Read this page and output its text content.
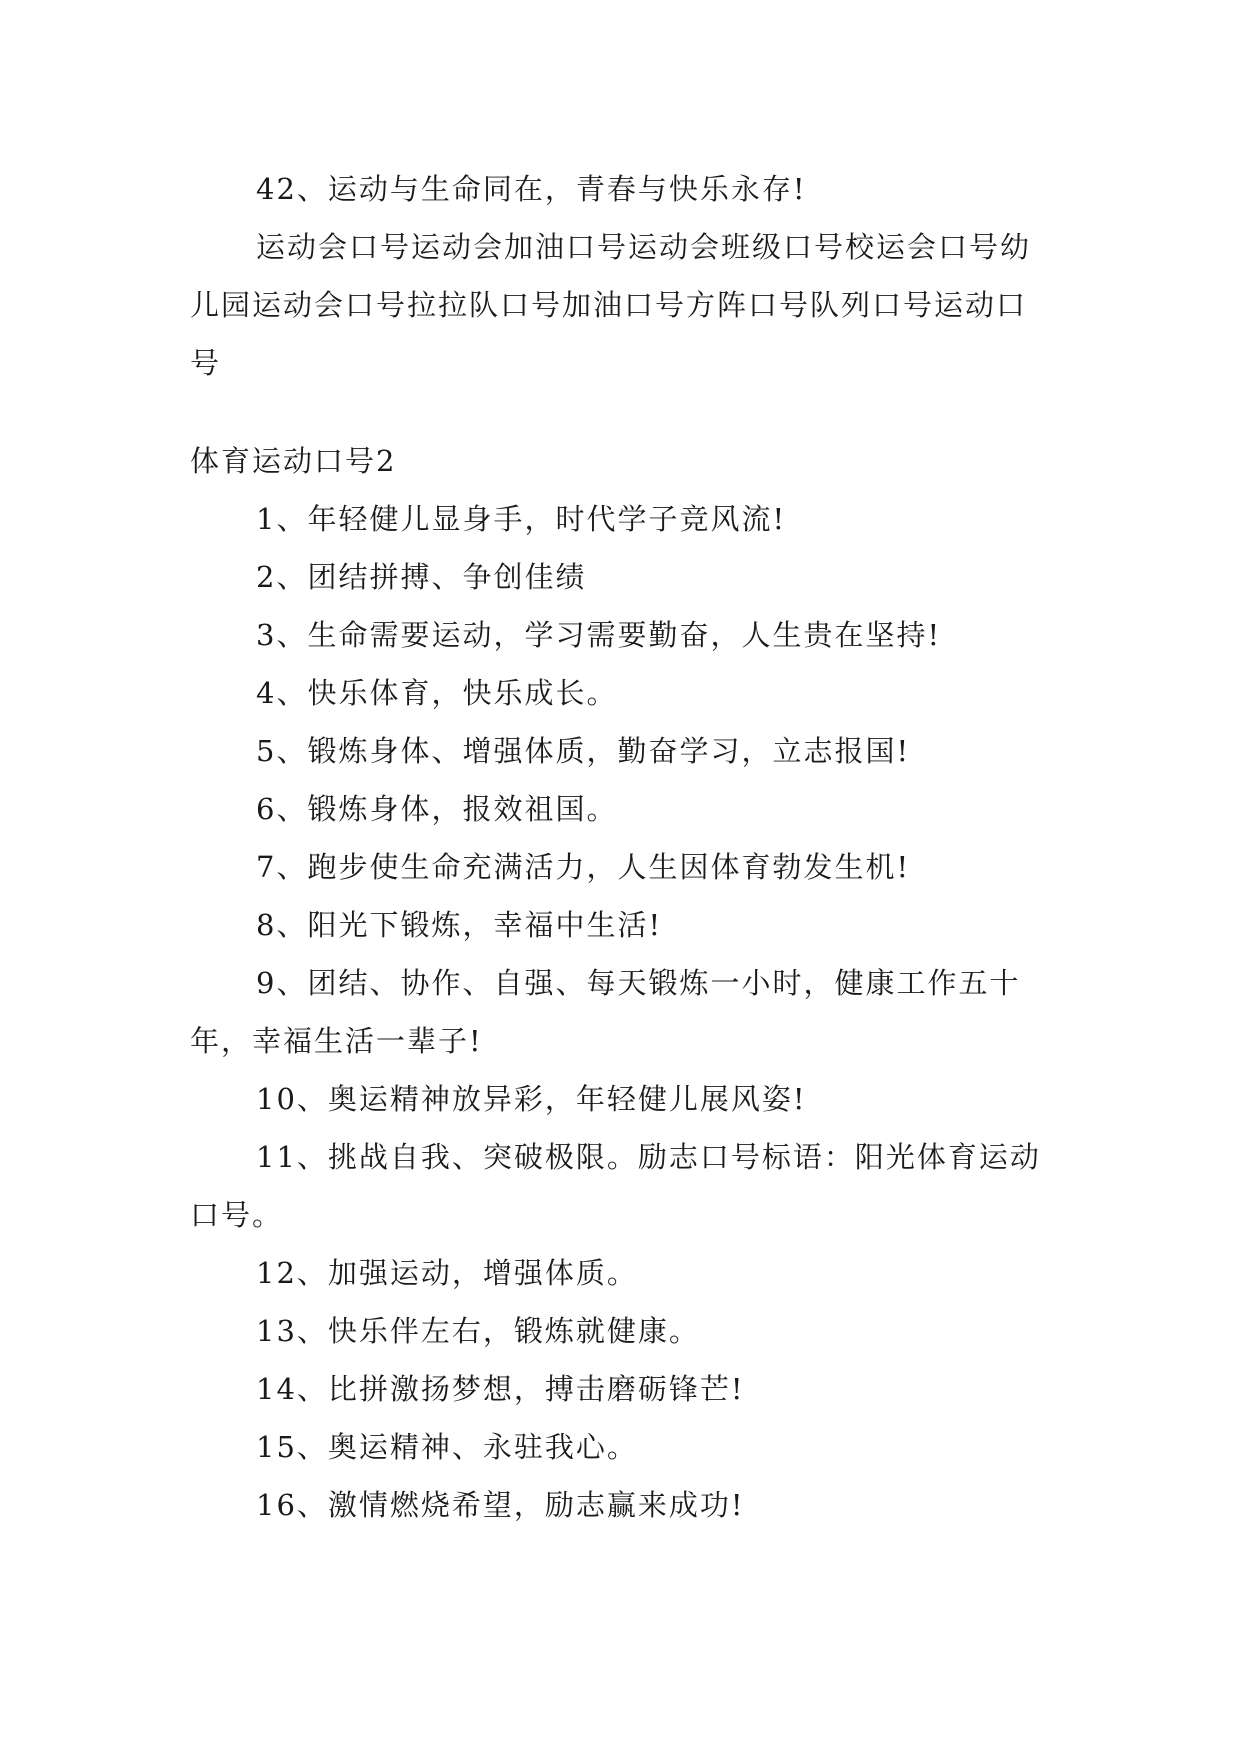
42、运动与生命同在，青春与快乐永存!

运动会口号运动会加油口号运动会班级口号校运会口号幼儿园运动会口号拉拉队口号加油口号方阵口号队列口号运动口号

体育运动口号2

1、年轻健儿显身手，时代学子竞风流!

2、团结拼搏、争创佳绩

3、生命需要运动，学习需要勤奋，人生贵在坚持!

4、快乐体育，快乐成长。

5、锻炼身体、增强体质，勤奋学习，立志报国!

6、锻炼身体，报效祖国。

7、跑步使生命充满活力，人生因体育勃发生机!

8、阳光下锻炼，幸福中生活!

9、团结、协作、自强、每天锻炼一小时，健康工作五十年，幸福生活一辈子!

10、奥运精神放异彩，年轻健儿展风姿!

11、挑战自我、突破极限。励志口号标语：阳光体育运动口号。

12、加强运动，增强体质。

13、快乐伴左右，锻炼就健康。

14、比拼激扬梦想，搏击磨砺锋芒!

15、奥运精神、永驻我心。

16、激情燃烧希望，励志赢来成功!
